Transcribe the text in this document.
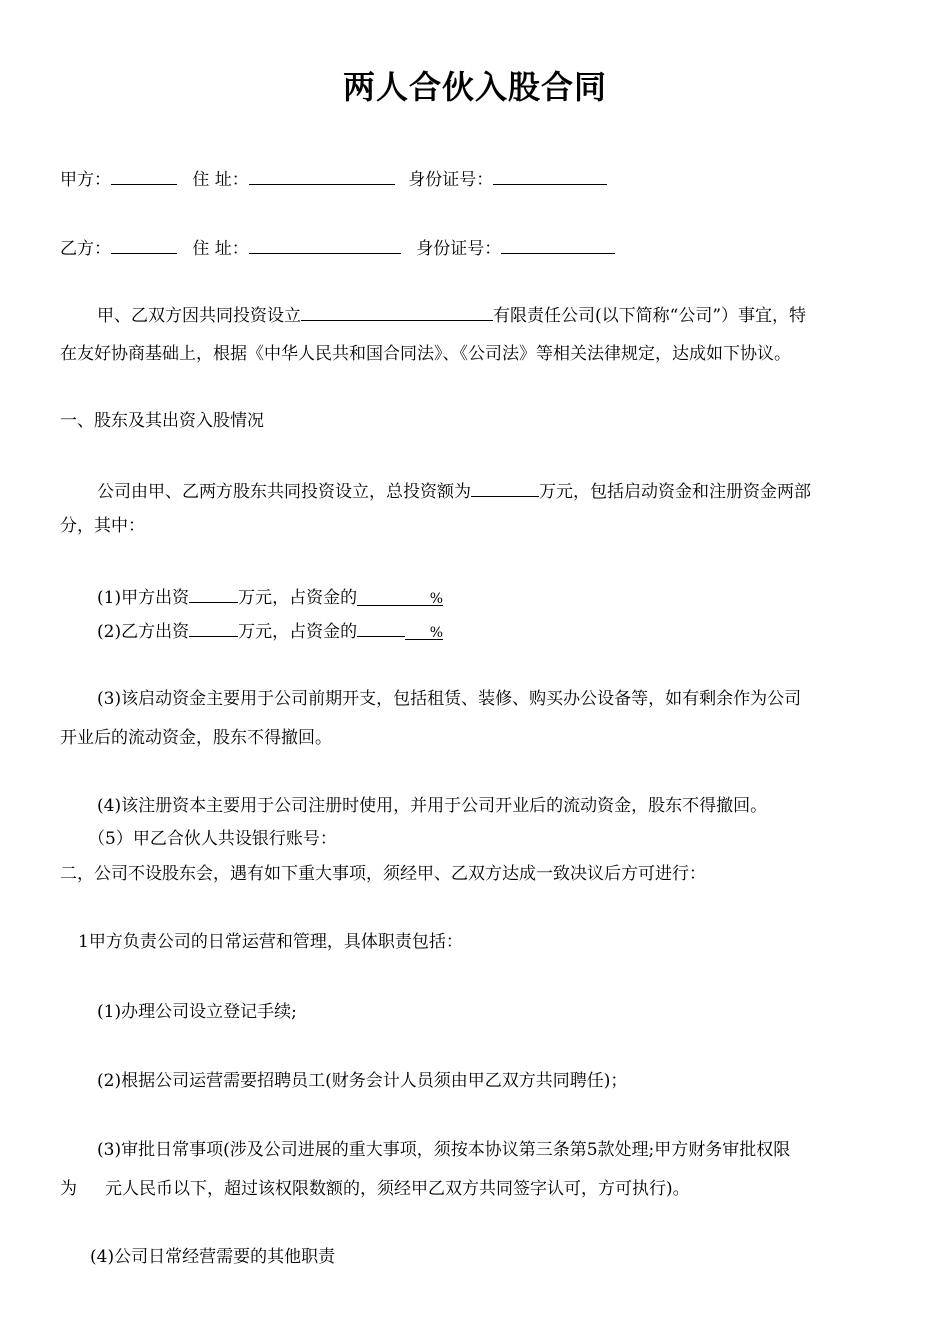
两人合伙入股合同
甲方：	住 址：	身份证号：
乙方：	住 址：	身份证号：
甲、乙双方因共同投资设立	有限责任公司(以下简称“公司”）事宜，特
在友好协商基础上，根据《中华人民共和国合同法》、《公司法》等相关法律规定，达成如下协议。
一、股东及其出资入股情况
公司由甲、乙两方股东共同投资设立，总投资额为	万元，包括启动资金和注册资金两部
分，其中：
(1)甲方出资	万元，占资金的	%
(2)乙方出资	万元，占资金的	%
(3)该启动资金主要用于公司前期开支，包括租赁、装修、购买办公设备等，如有剩余作为公司
开业后的流动资金，股东不得撤回。
(4)该注册资本主要用于公司注册时使用，并用于公司开业后的流动资金，股东不得撤回。
（5）甲乙合伙人共设银行账号：
二，公司不设股东会，遇有如下重大事项，须经甲、乙双方达成一致决议后方可进行：
1甲方负责公司的日常运营和管理，具体职责包括：
(1)办理公司设立登记手续;
(2)根据公司运营需要招聘员工(财务会计人员须由甲乙双方共同聘任)；
(3)审批日常事项(涉及公司进展的重大事项，须按本协议第三条第5款处理;甲方财务审批权限
为 元人民币以下，超过该权限数额的，须经甲乙双方共同签字认可，方可执行)。
(4)公司日常经营需要的其他职责
